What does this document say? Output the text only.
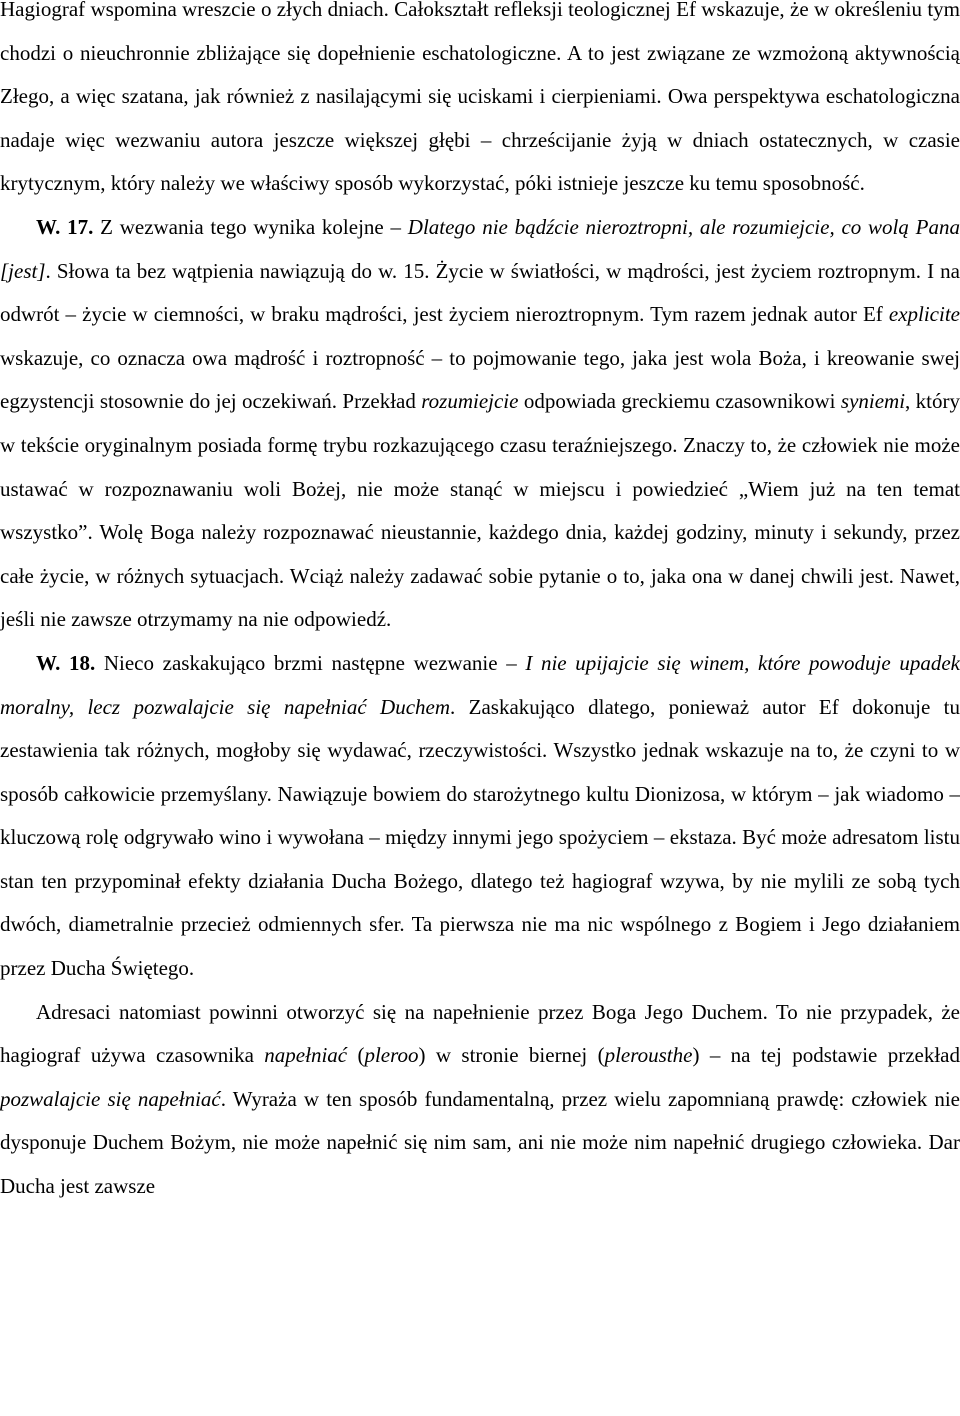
Hagiograf wspomina wreszcie o złych dniach. Całokształt refleksji teologicznej Ef wskazuje, że w określeniu tym chodzi o nieuchronnie zbliżające się dopełnienie eschatologiczne. A to jest związane ze wzmożoną aktywnością Złego, a więc szatana, jak również z nasilającymi się uciskami i cierpieniami. Owa perspektywa eschatologiczna nadaje więc wezwaniu autora jeszcze większej głębi – chrześcijanie żyją w dniach ostatecznych, w czasie krytycznym, który należy we właściwy sposób wykorzystać, póki istnieje jeszcze ku temu sposobność.

W. 17. Z wezwania tego wynika kolejne – Dlatego nie bądźcie nieroztropni, ale rozumiejcie, co wolą Pana [jest]. Słowa ta bez wątpienia nawiązują do w. 15. Życie w światłości, w mądrości, jest życiem roztropnym. I na odwrót – życie w ciemności, w braku mądrości, jest życiem nieroztropnym. Tym razem jednak autor Ef explicite wskazuje, co oznacza owa mądrość i roztropność – to pojmowanie tego, jaka jest wola Boża, i kreowanie swej egzystencji stosownie do jej oczekiwań. Przekład rozumiejcie odpowiada greckiemu czasownikowi syniemi, który w tekście oryginalnym posiada formę trybu rozkazującego czasu teraźniejszego. Znaczy to, że człowiek nie może ustawać w rozpoznawaniu woli Bożej, nie może stanąć w miejscu i powiedzieć „Wiem już na ten temat wszystko”. Wolę Boga należy rozpoznawać nieustannie, każdego dnia, każdej godziny, minuty i sekundy, przez całe życie, w różnych sytuacjach. Wciąż należy zadawać sobie pytanie o to, jaka ona w danej chwili jest. Nawet, jeśli nie zawsze otrzymamy na nie odpowiedź.

W. 18. Nieco zaskakująco brzmi następne wezwanie – I nie upijajcie się winem, które powoduje upadek moralny, lecz pozwalajcie się napełniać Duchem. Zaskakująco dlatego, ponieważ autor Ef dokonuje tu zestawienia tak różnych, mogłoby się wydawać, rzeczywistości. Wszystko jednak wskazuje na to, że czyni to w sposób całkowicie przemyślany. Nawiązuje bowiem do starożytnego kultu Dionizosa, w którym – jak wiadomo – kluczową rolę odgrywało wino i wywołana – między innymi jego spożyciem – ekstaza. Być może adresatom listu stan ten przypominał efekty działania Ducha Bożego, dlatego też hagiograf wzywa, by nie mylili ze sobą tych dwóch, diametralnie przecież odmiennych sfer. Ta pierwsza nie ma nic wspólnego z Bogiem i Jego działaniem przez Ducha Świętego.

Adresaci natomiast powinni otworzyć się na napełnienie przez Boga Jego Duchem. To nie przypadek, że hagiograf używa czasownika napełniać (pleroo) w stronie biernej (plerousthe) – na tej podstawie przekład pozwalajcie się napełniać. Wyraża w ten sposób fundamentalną, przez wielu zapomnianą prawdę: człowiek nie dysponuje Duchem Bożym, nie może napełnić się nim sam, ani nie może nim napełnić drugiego człowieka. Dar Ducha jest zawsze
